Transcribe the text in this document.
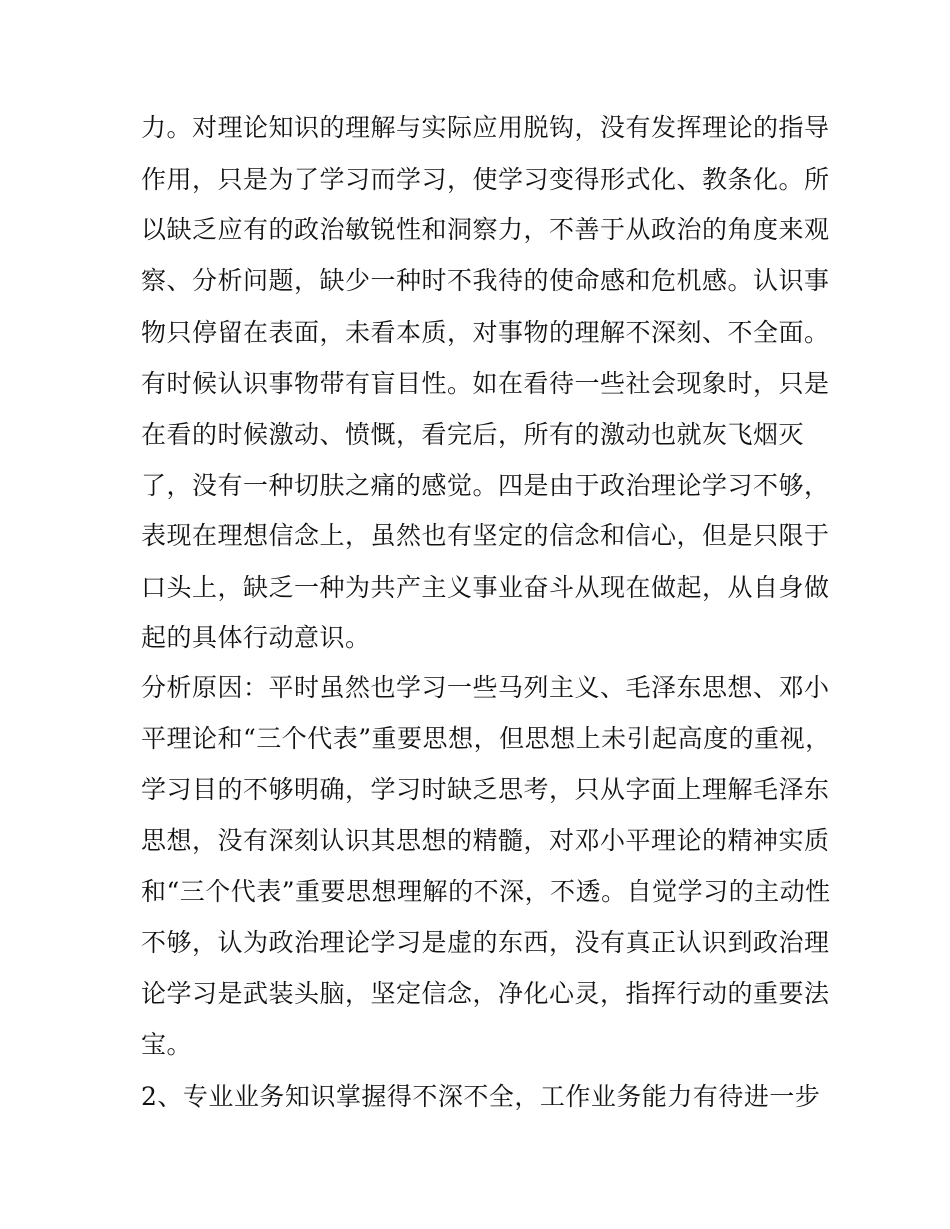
力。对理论知识的理解与实际应用脱钩，没有发挥理论的指导
作用，只是为了学习而学习，使学习变得形式化、教条化。所
以缺乏应有的政治敏锐性和洞察力，不善于从政治的角度来观
察、分析问题，缺少一种时不我待的使命感和危机感。认识事
物只停留在表面，未看本质，对事物的理解不深刻、不全面。
有时候认识事物带有盲目性。如在看待一些社会现象时，只是
在看的时候激动、愤慨，看完后，所有的激动也就灰飞烟灭
了，没有一种切肤之痛的感觉。四是由于政治理论学习不够，
表现在理想信念上，虽然也有坚定的信念和信心，但是只限于
口头上，缺乏一种为共产主义事业奋斗从现在做起，从自身做
起的具体行动意识。
分析原因：平时虽然也学习一些马列主义、毛泽东思想、邓小
平理论和“三个代表”重要思想，但思想上未引起高度的重视，
学习目的不够明确，学习时缺乏思考，只从字面上理解毛泽东
思想，没有深刻认识其思想的精髓，对邓小平理论的精神实质
和“三个代表”重要思想理解的不深，不透。自觉学习的主动性
不够，认为政治理论学习是虚的东西，没有真正认识到政治理
论学习是武装头脑，坚定信念，净化心灵，指挥行动的重要法
宝。
2、专业业务知识掌握得不深不全，工作业务能力有待进一步
